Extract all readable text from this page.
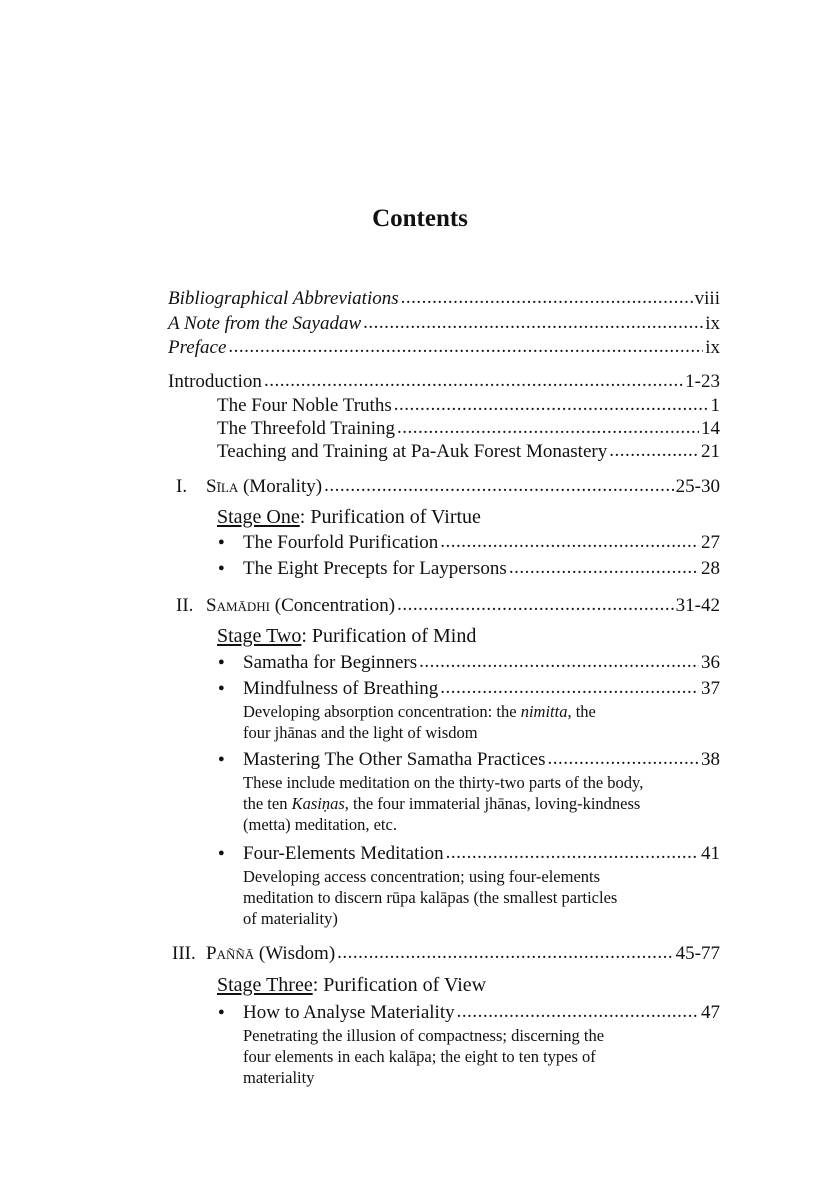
Contents
Bibliographical Abbreviations .....	viii
A Note from the Sayadaw .....	ix
Preface .....	ix
Introduction .....	1-23
The Four Noble Truths .....	1
The Threefold Training .....	14
Teaching and Training at Pa-Auk Forest Monastery .....	21
I. Sīla (Morality) .....	25-30
Stage One: Purification of Virtue
● The Fourfold Purification .....	27
● The Eight Precepts for Laypersons .....	28
II. Samādhi (Concentration) .....	31-42
Stage Two: Purification of Mind
● Samatha for Beginners .....	36
● Mindfulness of Breathing .....	37
Developing absorption concentration: the nimitta, the
four jhānas and the light of wisdom
● Mastering The Other Samatha Practices .....	38
These include meditation on the thirty-two parts of the body,
the ten Kasiṇas, the four immaterial jhānas, loving-kindness
(metta) meditation, etc.
● Four-Elements Meditation .....	41
Developing access concentration; using four-elements
meditation to discern rūpa kalāpas (the smallest particles
of materiality)
III. Paññā (Wisdom) .....	45-77
Stage Three: Purification of View
● How to Analyse Materiality .....	47
Penetrating the illusion of compactness; discerning the
four elements in each kalāpa; the eight to ten types of
materiality
